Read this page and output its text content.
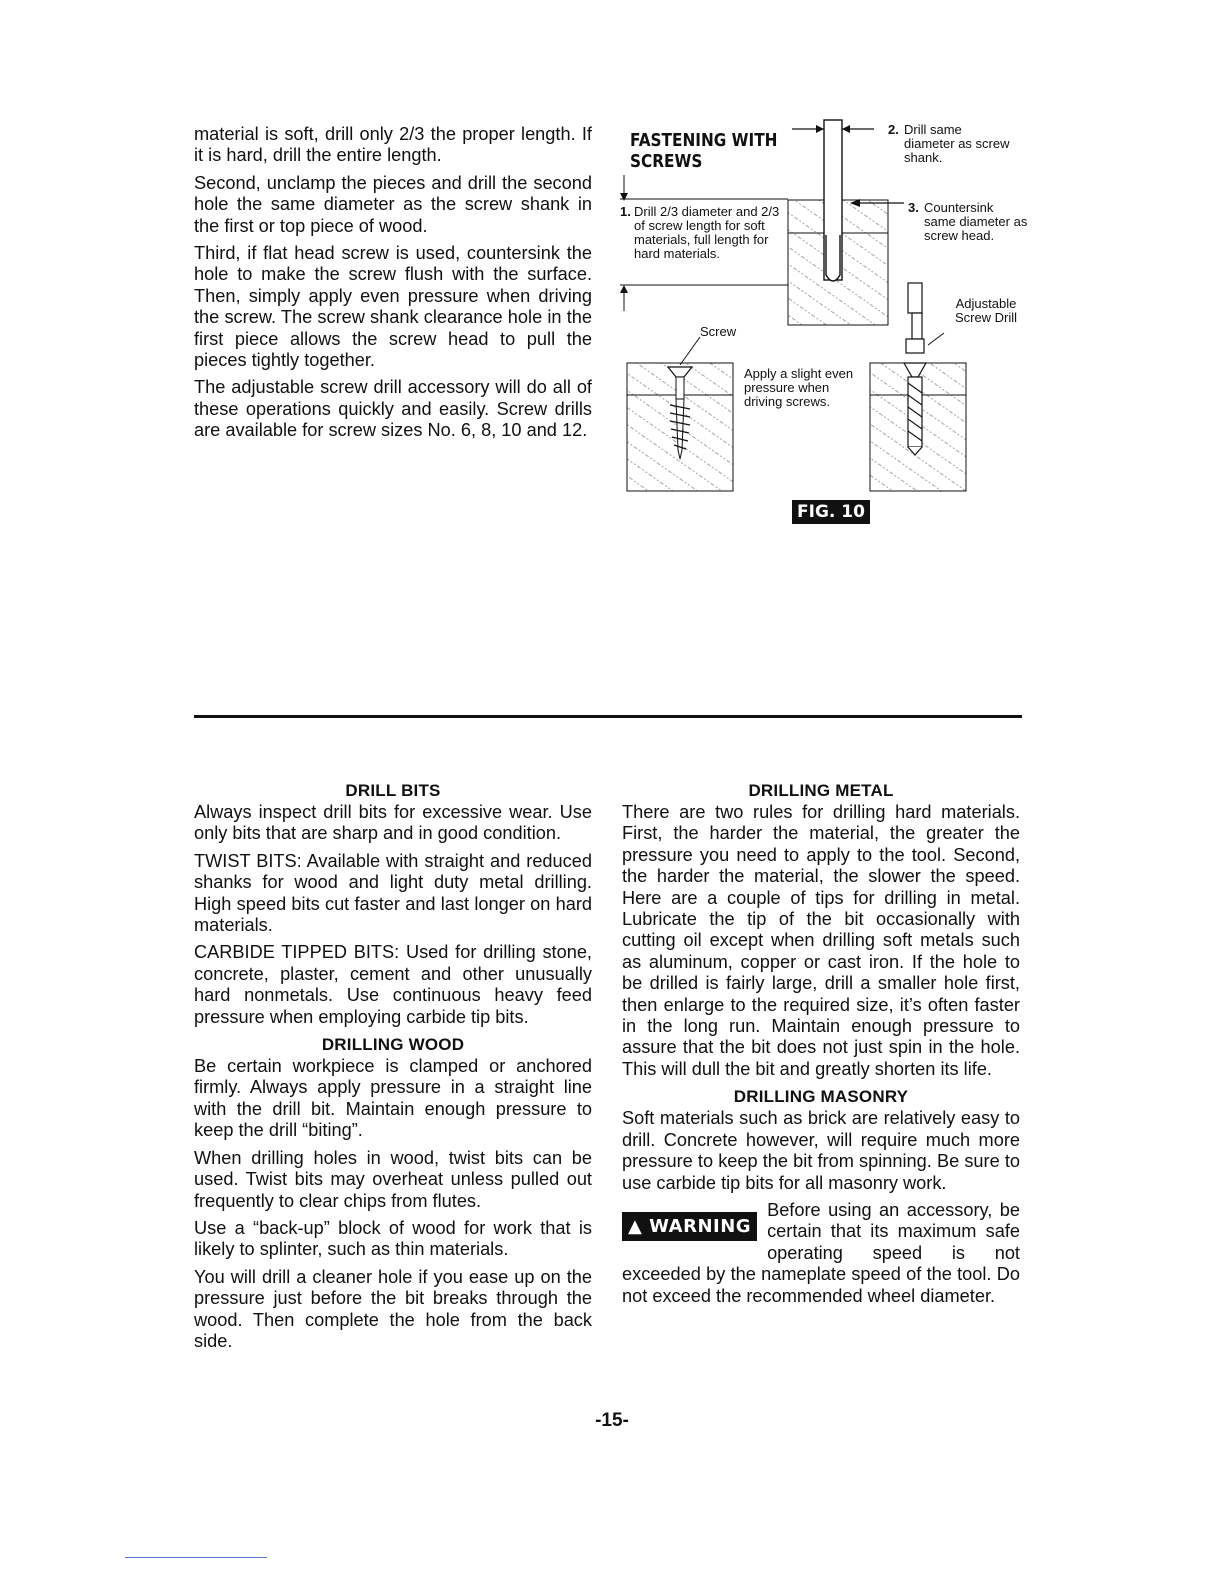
material is soft, drill only 2/3 the proper length. If it is hard, drill the entire length.

Second, unclamp the pieces and drill the second hole the same diameter as the screw shank in the first or top piece of wood.

Third, if flat head screw is used, countersink the hole to make the screw flush with the surface. Then, simply apply even pressure when driving the screw. The screw shank clearance hole in the first piece allows the screw head to pull the pieces tightly together.

The adjustable screw drill accessory will do all of these operations quickly and easily. Screw drills are available for screw sizes No. 6, 8, 10 and 12.

FASTENING WITH
SCREWS
2. Drill same diameter as screw shank.
1. Drill 2/3 diameter and 2/3 of screw length for soft materials, full length for hard materials.
3. Countersink same diameter as screw head.
Screw
Adjustable Screw Drill
Apply a slight even pressure when driving screws.
FIG. 10
DRILL BITS

Always inspect drill bits for excessive wear. Use only bits that are sharp and in good condition.

TWIST BITS: Available with straight and reduced shanks for wood and light duty metal drilling. High speed bits cut faster and last longer on hard materials.

CARBIDE TIPPED BITS: Used for drilling stone, concrete, plaster, cement and other unusually hard nonmetals. Use continuous heavy feed pressure when employing carbide tip bits.

DRILLING WOOD

Be certain workpiece is clamped or anchored firmly. Always apply pressure in a straight line with the drill bit. Maintain enough pressure to keep the drill “biting”.

When drilling holes in wood, twist bits can be used. Twist bits may overheat unless pulled out frequently to clear chips from flutes.

Use a “back-up” block of wood for work that is likely to splinter, such as thin materials.

You will drill a cleaner hole if you ease up on the pressure just before the bit breaks through the wood. Then complete the hole from the back side.

DRILLING METAL

There are two rules for drilling hard materials. First, the harder the material, the greater the pressure you need to apply to the tool. Second, the harder the material, the slower the speed. Here are a couple of tips for drilling in metal. Lubricate the tip of the bit occasionally with cutting oil except when drilling soft metals such as aluminum, copper or cast iron. If the hole to be drilled is fairly large, drill a smaller hole first, then enlarge to the required size, it’s often faster in the long run. Maintain enough pressure to assure that the bit does not just spin in the hole. This will dull the bit and greatly shorten its life.

DRILLING MASONRY

Soft materials such as brick are relatively easy to drill. Concrete however, will require much more pressure to keep the bit from spinning. Be sure to use carbide tip bits for all masonry work.

▲ WARNING

Before using an accessory, be certain that its maximum safe operating speed is not exceeded by the nameplate speed of the tool. Do not exceed the recommended wheel diameter.

-15-
